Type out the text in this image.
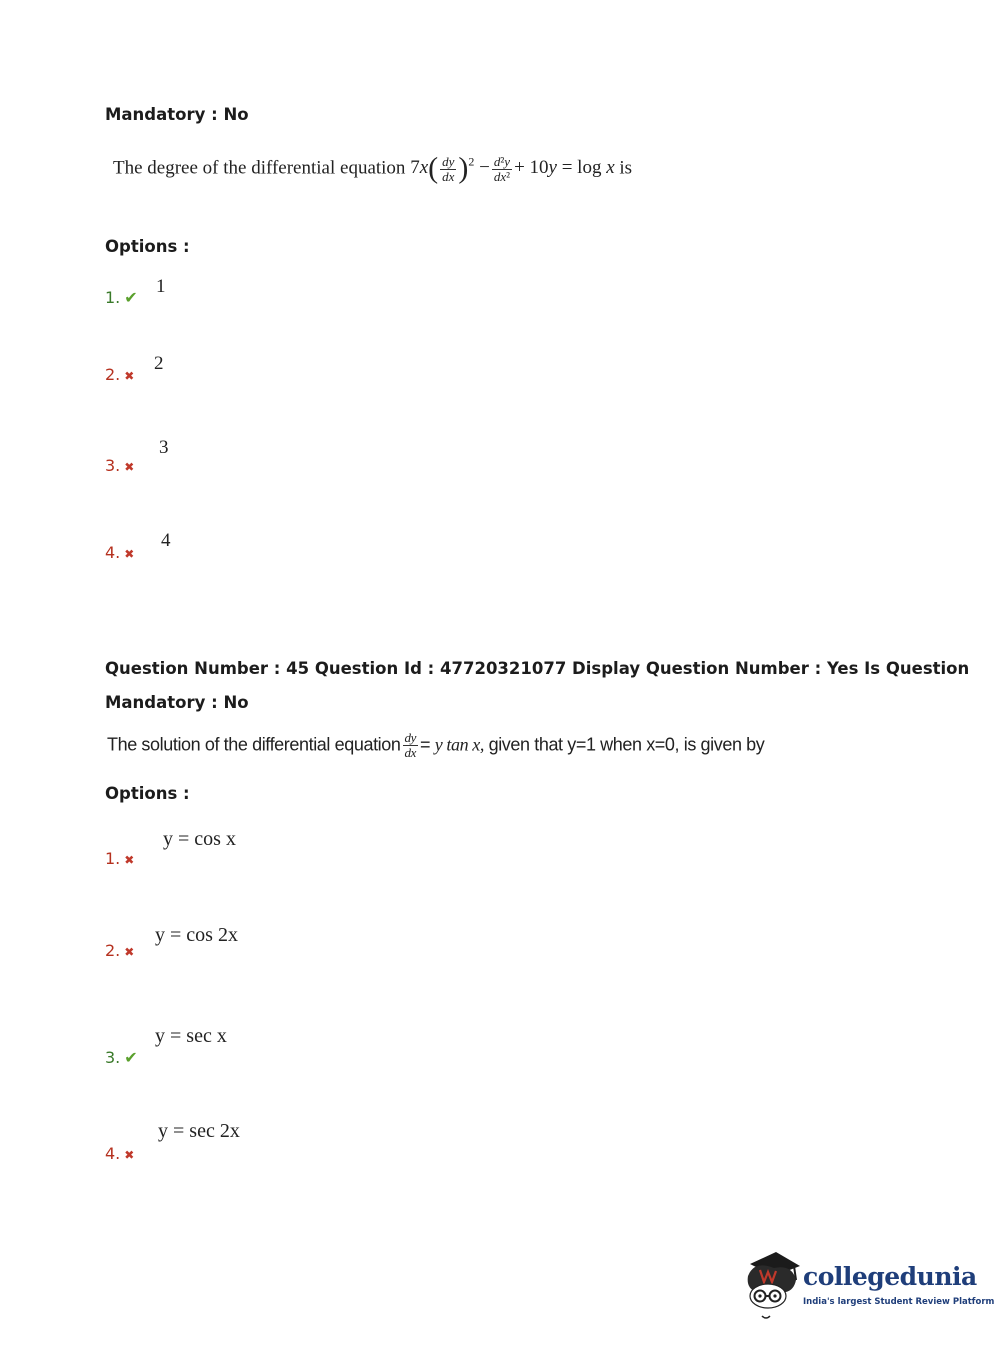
Mandatory : No
The degree of the differential equation $7x( \frac{dy}{dx} )^2 - \frac{\text{d²y}}{\text{dx²}} + 10y = \log x$ is
Options :
1. ✔
1
2. ✖
2
3. ✖
3
4. ✖
4
Question Number : 45 Question Id : 47720321077 Display Question Number : Yes Is Question
Mandatory : No
The solution of the differential equation $\frac{dy}{dx} = y$ tan x, given that y=1 when x=0, is given by
Options :
1. ✖
y = cos x
2. ✖
y = cos 2x
3. ✔
y = sec x
4. ✖
y = sec 2x
collegedunia
India's largest Student Review Platform
